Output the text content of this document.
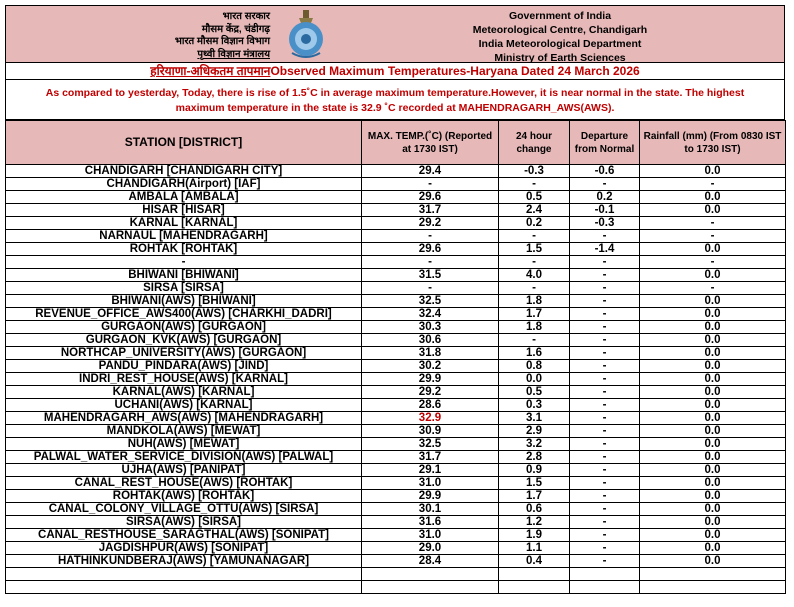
भारत सरकार
मौसम केंद्र, चंडीगढ़
भारत मौसम विज्ञान विभाग
पृथ्वी विज्ञान मंत्रालय
Government of India
Meteorological Centre, Chandigarh
India Meteorological Department
Ministry of Earth Sciences
हरियाणा-अधिकतम तापमानObserved Maximum Temperatures-Haryana Dated 24 March 2026
As compared to yesterday, Today, there is rise of 1.5˚C in average maximum temperature.However, it is near normal in the state. The highest
maximum temperature in the state is 32.9 ˚C recorded at MAHENDRAGARH_AWS(AWS).
STATION [DISTRICT]	MAX. TEMP.(˚C) (Reported at 1730 IST)	24 hour change	Departure from Normal	Rainfall (mm) (From 0830 IST to 1730 IST)
CHANDIGARH [CHANDIGARH CITY]	29.4	-0.3	-0.6	0.0
CHANDIGARH(Airport) [IAF]	-	-	-	-
AMBALA [AMBALA]	29.6	0.5	0.2	0.0
HISAR [HISAR]	31.7	2.4	-0.1	0.0
KARNAL [KARNAL]	29.2	0.2	-0.3	-
NARNAUL [MAHENDRAGARH]	-	-	-	-
ROHTAK [ROHTAK]	29.6	1.5	-1.4	0.0
-	-	-	-	-
BHIWANI [BHIWANI]	31.5	4.0	-	0.0
SIRSA [SIRSA]	-	-	-	-
BHIWANI(AWS) [BHIWANI]	32.5	1.8	-	0.0
REVENUE_OFFICE_AWS400(AWS) [CHARKHI_DADRI]	32.4	1.7	-	0.0
GURGAON(AWS) [GURGAON]	30.3	1.8	-	0.0
GURGAON_KVK(AWS) [GURGAON]	30.6	-	-	0.0
NORTHCAP_UNIVERSITY(AWS) [GURGAON]	31.8	1.6	-	0.0
PANDU_PINDARA(AWS) [JIND]	30.2	0.8	-	0.0
INDRI_REST_HOUSE(AWS) [KARNAL]	29.9	0.0	-	0.0
KARNAL(AWS) [KARNAL]	29.2	0.5	-	0.0
UCHANI(AWS) [KARNAL]	28.6	0.3	-	0.0
MAHENDRAGARH_AWS(AWS) [MAHENDRAGARH]	32.9	3.1	-	0.0
MANDKOLA(AWS) [MEWAT]	30.9	2.9	-	0.0
NUH(AWS) [MEWAT]	32.5	3.2	-	0.0
PALWAL_WATER_SERVICE_DIVISION(AWS) [PALWAL]	31.7	2.8	-	0.0
UJHA(AWS) [PANIPAT]	29.1	0.9	-	0.0
CANAL_REST_HOUSE(AWS) [ROHTAK]	31.0	1.5	-	0.0
ROHTAK(AWS) [ROHTAK]	29.9	1.7	-	0.0
CANAL_COLONY_VILLAGE_OTTU(AWS) [SIRSA]	30.1	0.6	-	0.0
SIRSA(AWS) [SIRSA]	31.6	1.2	-	0.0
CANAL_RESTHOUSE_SARAGTHAL(AWS) [SONIPAT]	31.0	1.9	-	0.0
JAGDISHPUR(AWS) [SONIPAT]	29.0	1.1	-	0.0
HATHINKUNDBERAJ(AWS) [YAMUNANAGAR]	28.4	0.4	-	0.0
